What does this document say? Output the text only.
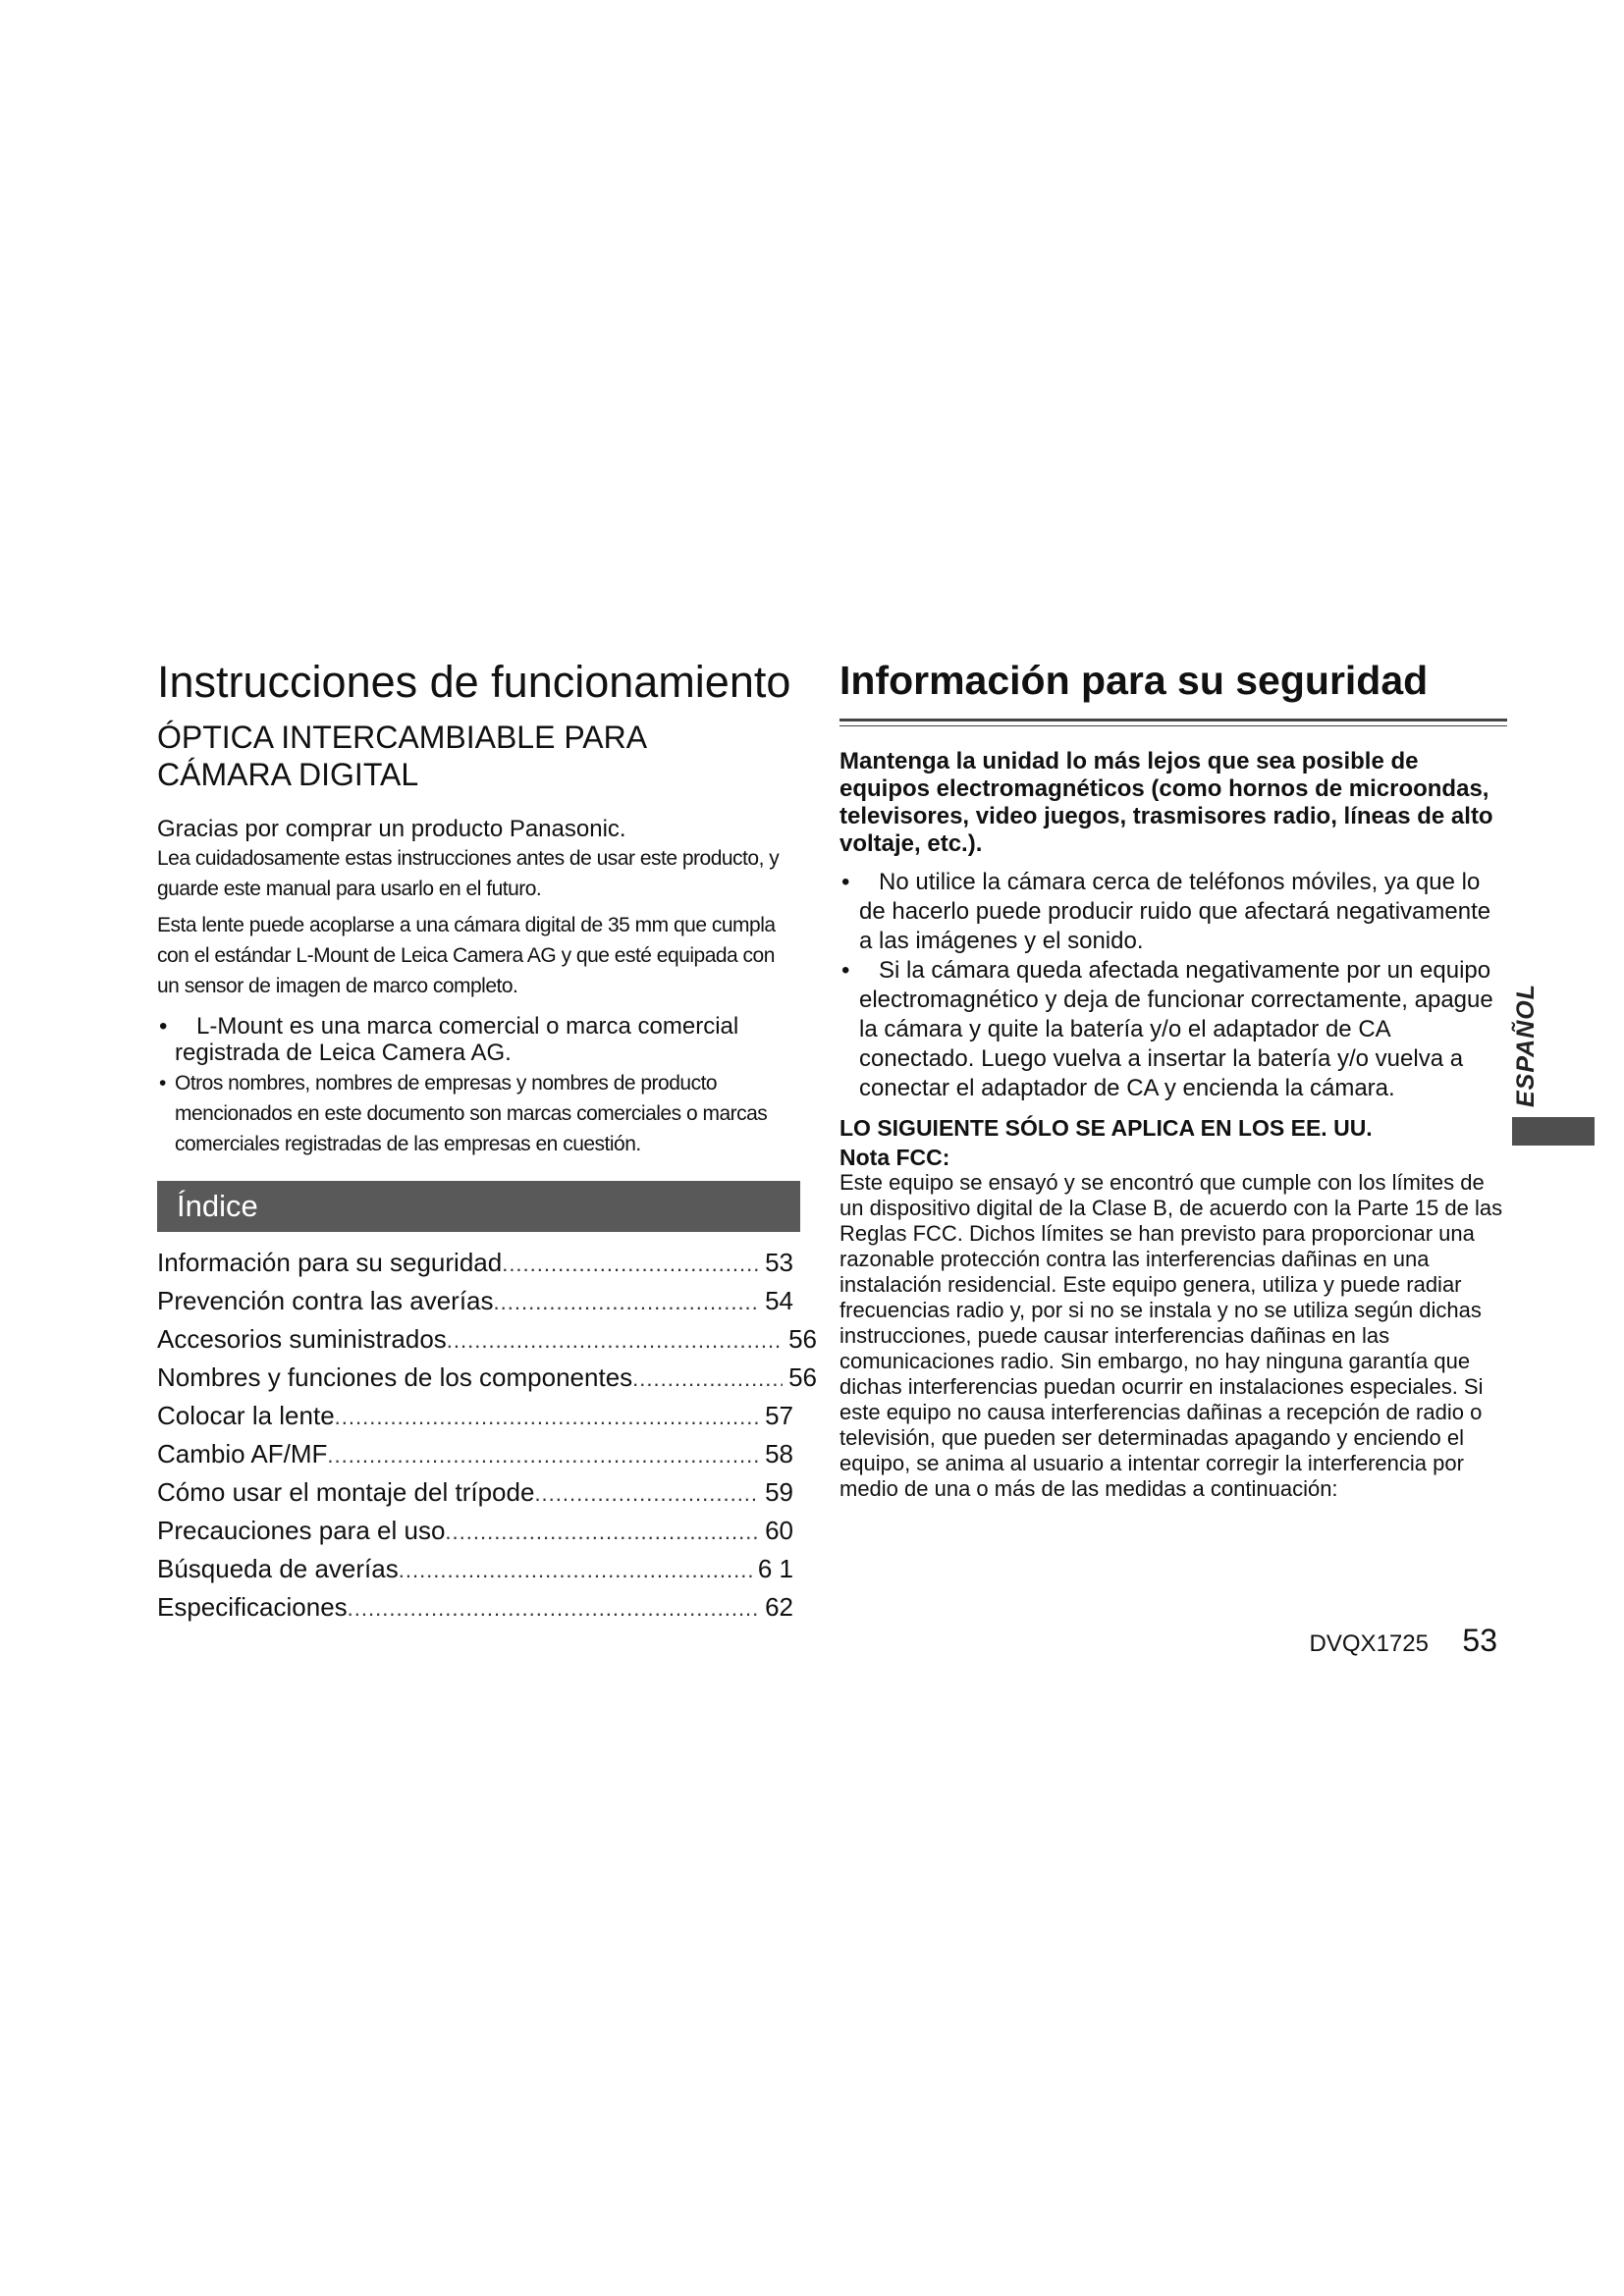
Instrucciones de funcionamiento
ÓPTICA INTERCAMBIABLE PARA
CÁMARA DIGITAL
Gracias por comprar un producto Panasonic.
Lea cuidadosamente estas instrucciones antes de usar este producto, y guarde este manual para usarlo en el futuro.
Esta lente puede acoplarse a una cámara digital de 35 mm que cumpla con el estándar L-Mount de Leica Camera AG y que esté equipada con un sensor de imagen de marco completo.
• L-Mount es una marca comercial o marca comercial registrada de Leica Camera AG.
• Otros nombres, nombres de empresas y nombres de producto mencionados en este documento son marcas comerciales o marcas comerciales registradas de las empresas en cuestión.
Índice
Información para su seguridad .....	53
Prevención contra las averías .....	54
Accesorios suministrados .....	56
Nombres y funciones de los componentes .....	56
Colocar la lente .....	57
Cambio AF/MF .....	58
Cómo usar el montaje del trípode .....	59
Precauciones para el uso .....	60
Búsqueda de averías .....	6 1
Especificaciones .....	62
Información para su seguridad
Mantenga la unidad lo más lejos que sea posible de equipos electromagnéticos (como hornos de microondas, televisores, video juegos, trasmisores radio, líneas de alto voltaje, etc.).
• No utilice la cámara cerca de teléfonos móviles, ya que lo de hacerlo puede producir ruido que afectará negativamente a las imágenes y el sonido.
• Si la cámara queda afectada negativamente por un equipo electromagnético y deja de funcionar correctamente, apague la cámara y quite la batería y/o el adaptador de CA conectado. Luego vuelva a insertar la batería y/o vuelva a conectar el adaptador de CA y encienda la cámara.
LO SIGUIENTE SÓLO SE APLICA EN LOS EE. UU.
Nota FCC:
Este equipo se ensayó y se encontró que cumple con los límites de un dispositivo digital de la Clase B, de acuerdo con la Parte 15 de las Reglas FCC. Dichos límites se han previsto para proporcionar una razonable protección contra las interferencias dañinas en una instalación residencial. Este equipo genera, utiliza y puede radiar frecuencias radio y, por si no se instala y no se utiliza según dichas instrucciones, puede causar interferencias dañinas en las comunicaciones radio. Sin embargo, no hay ninguna garantía que dichas interferencias puedan ocurrir en instalaciones especiales. Si este equipo no causa interferencias dañinas a recepción de radio o televisión, que pueden ser determinadas apagando y enciendo el equipo, se anima al usuario a intentar corregir la interferencia por medio de una o más de las medidas a continuación:
ESPAÑOL
DVQX1725 53
